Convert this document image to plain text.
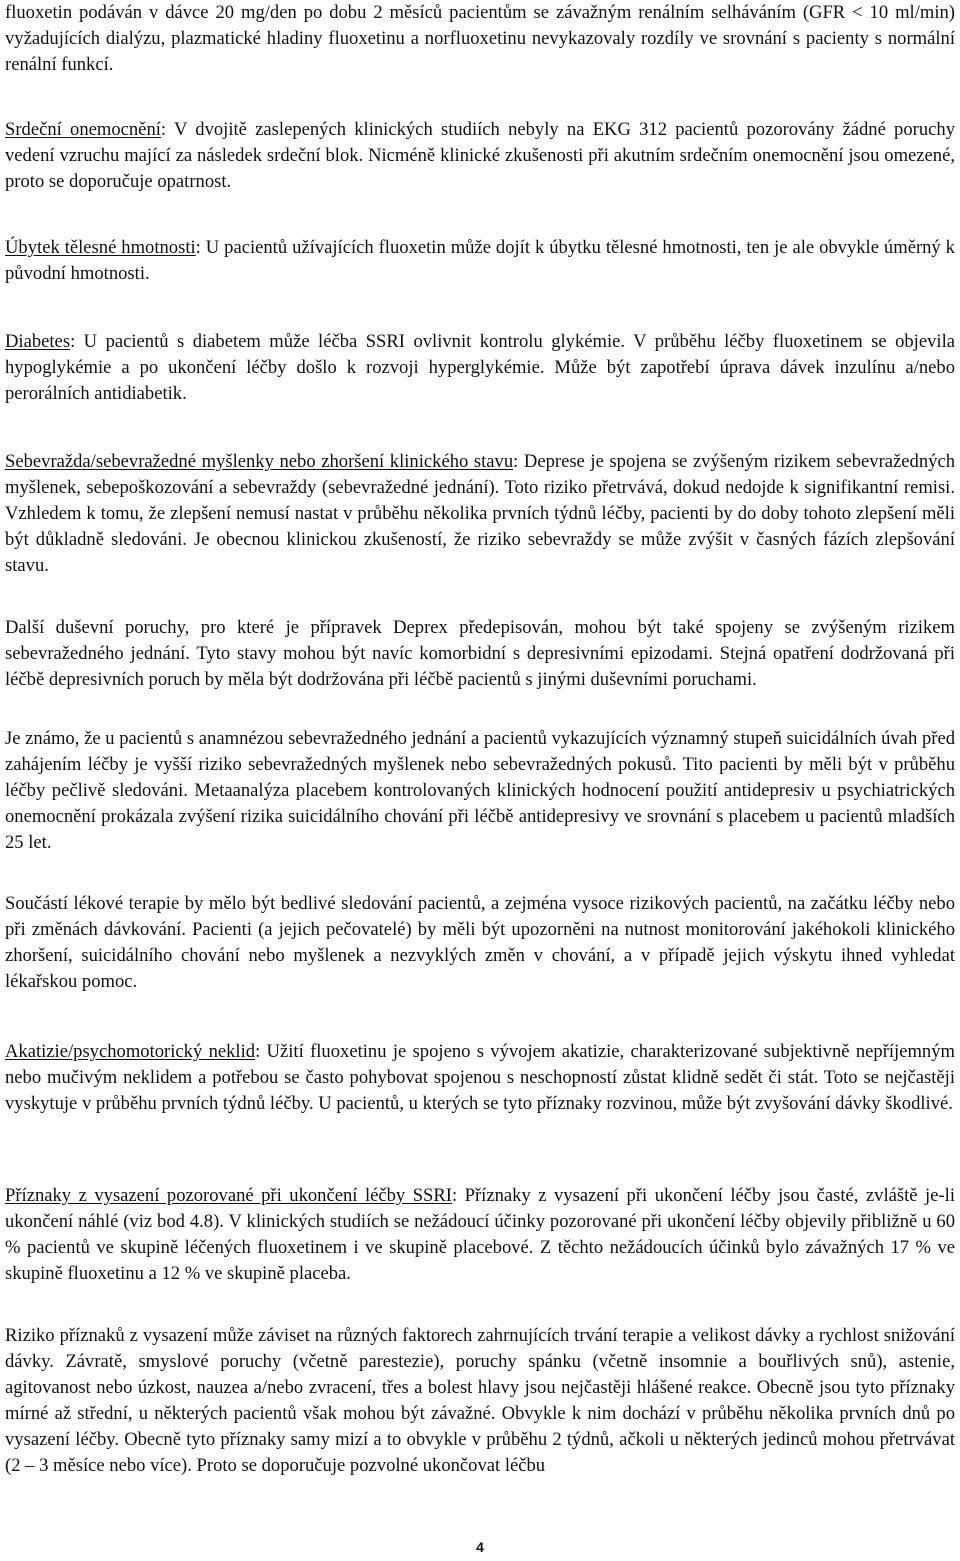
fluoxetin podáván v dávce 20 mg/den po dobu 2 měsíců pacientům se závažným renálním selháváním (GFR < 10 ml/min) vyžadujících dialýzu, plazmatické hladiny fluoxetinu a norfluoxetinu nevykazovaly rozdíly ve srovnání s pacienty s normální renální funkcí.

Srdeční onemocnění: V dvojitě zaslepených klinických studiích nebyly na EKG 312 pacientů pozorovány žádné poruchy vedení vzruchu mající za následek srdeční blok. Nicméně klinické zkušenosti při akutním srdečním onemocnění jsou omezené, proto se doporučuje opatrnost.

Úbytek tělesné hmotnosti: U pacientů užívajících fluoxetin může dojít k úbytku tělesné hmotnosti, ten je ale obvykle úměrný k původní hmotnosti.

Diabetes: U pacientů s diabetem může léčba SSRI ovlivnit kontrolu glykémie. V průběhu léčby fluoxetinem se objevila hypoglykémie a po ukončení léčby došlo k rozvoji hyperglykémie. Může být zapotřebí úprava dávek inzulínu a/nebo perorálních antidiabetik.

Sebevražda/sebevražedné myšlenky nebo zhoršení klinického stavu: Deprese je spojena se zvýšeným rizikem sebevražedných myšlenek, sebepoškozování a sebevraždy (sebevražedné jednání). Toto riziko přetrvává, dokud nedojde k signifikantní remisi. Vzhledem k tomu, že zlepšení nemusí nastat v průběhu několika prvních týdnů léčby, pacienti by do doby tohoto zlepšení měli být důkladně sledováni. Je obecnou klinickou zkušeností, že riziko sebevraždy se může zvýšit v časných fázích zlepšování stavu.

Další duševní poruchy, pro které je přípravek Deprex předepisován, mohou být také spojeny se zvýšeným rizikem sebevražedného jednání. Tyto stavy mohou být navíc komorbidní s depresivními epizodami. Stejná opatření dodržovaná při léčbě depresivních poruch by měla být dodržována při léčbě pacientů s jinými duševními poruchami.

Je známo, že u pacientů s anamnézou sebevražedného jednání a pacientů vykazujících významný stupeň suicidálních úvah před zahájením léčby je vyšší riziko sebevražedných myšlenek nebo sebevražedných pokusů. Tito pacienti by měli být v průběhu léčby pečlivě sledováni. Metaanalýza placebem kontrolovaných klinických hodnocení použití antidepresiv u psychiatrických onemocnění prokázala zvýšení rizika suicidálního chování při léčbě antidepresivy ve srovnání s placebem u pacientů mladších 25 let.

Součástí lékové terapie by mělo být bedlivé sledování pacientů, a zejména vysoce rizikových pacientů, na začátku léčby nebo při změnách dávkování. Pacienti (a jejich pečovatelé) by měli být upozorněni na nutnost monitorování jakéhokoli klinického zhoršení, suicidálního chování nebo myšlenek a nezvyklých změn v chování, a v případě jejich výskytu ihned vyhledat lékařskou pomoc.

Akatizie/psychomotorický neklid: Užití fluoxetinu je spojeno s vývojem akatizie, charakterizované subjektivně nepříjemným nebo mučivým neklidem a potřebou se často pohybovat spojenou s neschopností zůstat klidně sedět či stát. Toto se nejčastěji vyskytuje v průběhu prvních týdnů léčby. U pacientů, u kterých se tyto příznaky rozvinou, může být zvyšování dávky škodlivé.

Příznaky z vysazení pozorované při ukončení léčby SSRI: Příznaky z vysazení při ukončení léčby jsou časté, zvláště je-li ukončení náhlé (viz bod 4.8). V klinických studiích se nežádoucí účinky pozorované při ukončení léčby objevily přibližně u 60 % pacientů ve skupině léčených fluoxetinem i ve skupině placebové. Z těchto nežádoucích účinků bylo závažných 17 % ve skupině fluoxetinu a 12 % ve skupině placeba.

Riziko příznaků z vysazení může záviset na různých faktorech zahrnujících trvání terapie a velikost dávky a rychlost snižování dávky. Závratě, smyslové poruchy (včetně parestezie), poruchy spánku (včetně insomnie a bouřlivých snů), astenie, agitovanost nebo úzkost, nauzea a/nebo zvracení, třes a bolest hlavy jsou nejčastěji hlášené reakce. Obecně jsou tyto příznaky mírné až střední, u některých pacientů však mohou být závažné. Obvykle k nim dochází v průběhu několika prvních dnů po vysazení léčby. Obecně tyto příznaky samy mizí a to obvykle v průběhu 2 týdnů, ačkoli u některých jedinců mohou přetrvávat (2 – 3 měsíce nebo více). Proto se doporučuje pozvolné ukončovat léčbu

4
